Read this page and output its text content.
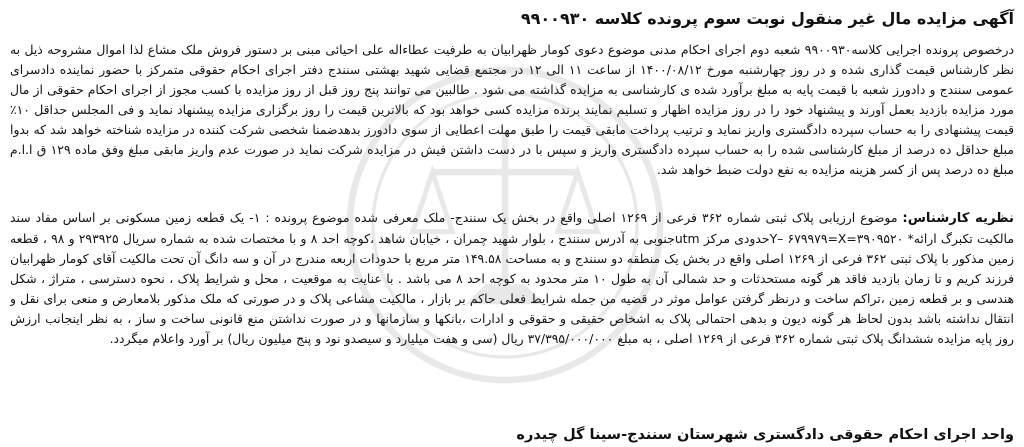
آگهی مزایده مال غیر منقول نوبت سوم پرونده کلاسه ۹۹۰۰۹۳۰

درخصوص پرونده اجرایی کلاسه۹۹۰۰۹۳۰ شعبه دوم اجرای احکام مدنی موضوع دعوی کومار ظهرابیان به طرفیت عطاءاله علی احیائی مبنی بر دستور فروش ملک مشاع لذا اموال مشروحه ذیل به نظر کارشناس قیمت گذاری شده و در روز چهارشنبه مورخ ۱۴۰۰/۰۸/۱۲ از ساعت ۱۱ الی ۱۲ در مجتمع قضایی شهید بهشتی سنندج دفتر اجرای احکام حقوقی متمرکز با حضور نماینده دادسرای عمومی سنندج و دادورز شعبه با قیمت پایه به مبلغ برآورد شده ی کارشناسی به مزایده گذاشته می شود . طالبین می توانند پنج روز قبل از روز مزایده با کسب مجوز از اجرای احکام حقوقی از مال مورد مزایده بازدید بعمل آورند و پیشنهاد خود را در روز مزایده اظهار و تسلیم نمایند برنده مزایده کسی خواهد بود که بالاترین قیمت را روز برگزاری مزایده پیشنهاد نماید و فی المجلس حداقل ۱۰٪ قیمت پیشنهادی را به حساب سپرده دادگستری واریز نماید و ترتیب پرداخت مابقی قیمت را طبق مهلت اعطایی از سوی دادورز بدهدضمنا شخصی شرکت کننده در مزایده شناخته خواهد شد که بدوا مبلغ حداقل ده درصد از مبلغ کارشناسی شده را به حساب سپرده دادگستری واریز و سپس با در دست داشتن فیش در مزایده شرکت نماید در صورت عدم واریز مابقی مبلغ وفق ماده ۱۲۹ ق ا.ا.م مبلغ ده درصد پس از کسر هزینه مزایده به نفع دولت ضبط خواهد شد.

نظریه کارشناس: موضوع ارزیابی پلاک ثبتی شماره ۳۶۲ فرعی از ۱۲۶۹ اصلی واقع در بخش یک سنندج- ملک معرفی شده موضوع پرونده : ۱- یک قطعه زمین مسکونی بر اساس مفاد سند مالکیت تکبرگ ارائه* ۳۹۰۹۵۲۰=Y– ۶۷۹۹۷۹=Xحدودی مرکز utmجنوبی به آدرس سنندج ، بلوار شهید چمران ، خیابان شاهد ،کوچه احد ۸ و با مختصات شده به شماره سریال ۲۹۳۹۲۵ و ۹۸ ، قطعه زمین مذکور با پلاک ثبتی ۳۶۲ فرعی از ۱۲۶۹ اصلی واقع در بخش یک منطقه دو سنندج و به مساحت ۱۴۹.۵۸ متر مربع با حدودات اربعه مندرج در آن و سه دانگ آن تحت مالکیت آقای کومار ظهرابیان فرزند کریم و تا زمان بازدید فاقد هر گونه مستحدثات و حد شمالی آن به طول ۱۰ متر محدود به کوچه احد ۸ می باشد . با عنایت به موقعیت ، محل و شرایط پلاک ، نحوه دسترسی ، متراژ ، شکل هندسی و بر قطعه زمین ،تراکم ساخت و درنظر گرفتن عوامل موثر در قضیه من جمله شرایط فعلی حاکم بر بازار ، مالکیت مشاعی پلاک و در صورتی که ملک مذکور بلامعارض و منعی برای نقل و انتقال نداشته باشد بدون لحاظ هر گونه دیون و بدهی احتمالی پلاک به اشخاص حقیقی و حقوقی و ادارات ،بانکها و سازمانها و در صورت نداشتن منع قانونی ساخت و ساز ، به نظر اینجانب ارزش روز پایه مزایده ششدانگ پلاک ثبتی شماره ۳۶۲ فرعی از ۱۲۶۹ اصلی ، به مبلغ ۳۷/۳۹۵/۰۰۰/۰۰۰ ریال (سی و هفت میلیارد و سیصدو نود و پنج میلیون ریال) بر آورد واعلام میگردد.

واحد اجرای احکام حقوقی دادگستری شهرستان سنندج-سینا گل چیدره
